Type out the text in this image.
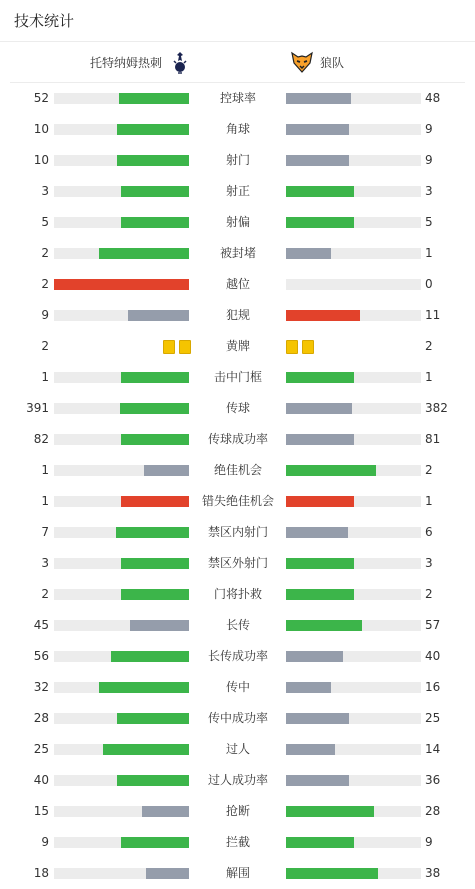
技术统计
托特纳姆热刺	狼队
52	控球率	48
10	角球	9
10	射门	9
3	射正	3
5	射偏	5
2	被封堵	1
2	越位	0
9	犯规	11
2	黄牌	2
1	击中门框	1
391	传球	382
82	传球成功率	81
1	绝佳机会	2
1	错失绝佳机会	1
7	禁区内射门	6
3	禁区外射门	3
2	门将扑救	2
45	长传	57
56	长传成功率	40
32	传中	16
28	传中成功率	25
25	过人	14
40	过人成功率	36
15	抢断	28
9	拦截	9
18	解围	38
